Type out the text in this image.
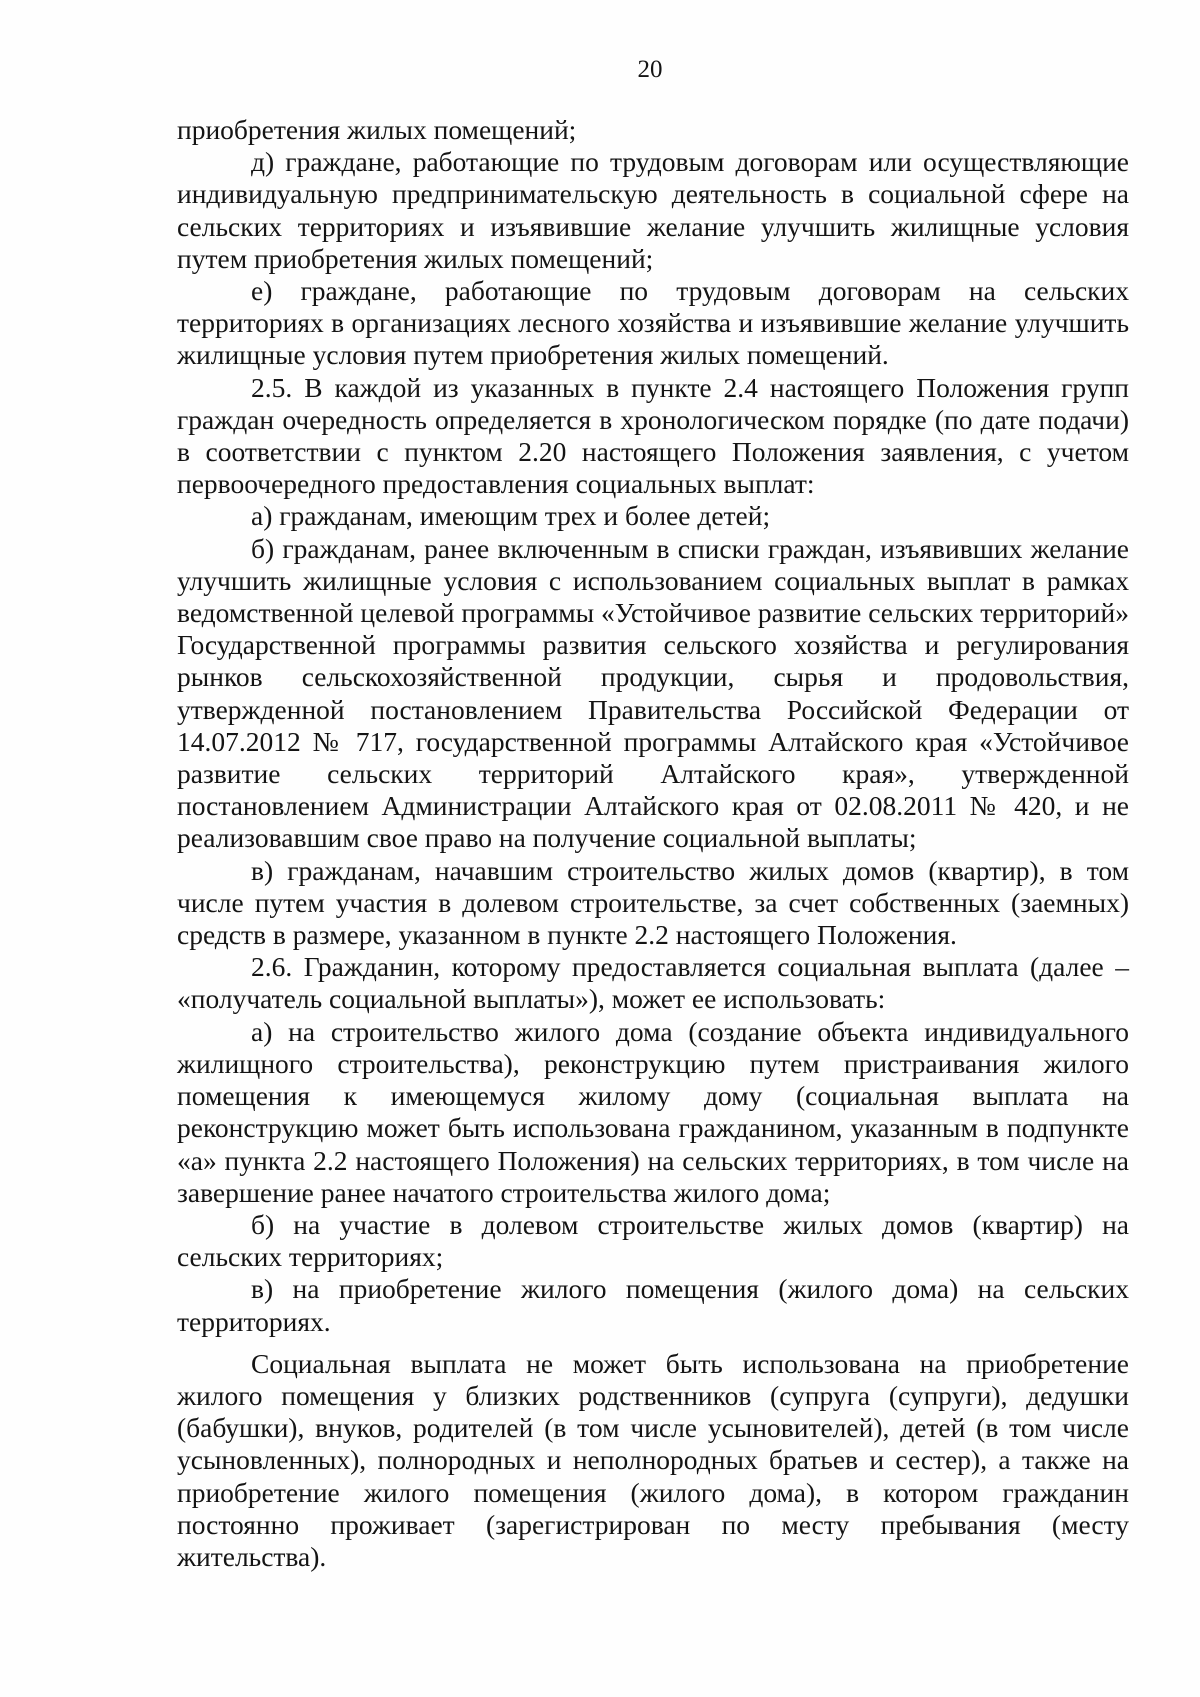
20

приобретения жилых помещений;

д) граждане, работающие по трудовым договорам или осуществляющие индивидуальную предпринимательскую деятельность в социальной сфере на сельских территориях и изъявившие желание улучшить жилищные условия путем приобретения жилых помещений;

е) граждане, работающие по трудовым договорам на сельских территориях в организациях лесного хозяйства и изъявившие желание улучшить жилищные условия путем приобретения жилых помещений.

2.5. В каждой из указанных в пункте 2.4 настоящего Положения групп граждан очередность определяется в хронологическом порядке (по дате подачи) в соответствии с пунктом 2.20 настоящего Положения заявления, с учетом первоочередного предоставления социальных выплат:

а) гражданам, имеющим трех и более детей;

б) гражданам, ранее включенным в списки граждан, изъявивших желание улучшить жилищные условия с использованием социальных выплат в рамках ведомственной целевой программы «Устойчивое развитие сельских территорий» Государственной программы развития сельского хозяйства и регулирования рынков сельскохозяйственной продукции, сырья и продовольствия, утвержденной постановлением Правительства Российской Федерации от 14.07.2012 № 717, государственной программы Алтайского края «Устойчивое развитие сельских территорий Алтайского края», утвержденной постановлением Администрации Алтайского края от 02.08.2011 № 420, и не реализовавшим свое право на получение социальной выплаты;

в) гражданам, начавшим строительство жилых домов (квартир), в том числе путем участия в долевом строительстве, за счет собственных (заемных) средств в размере, указанном в пункте 2.2 настоящего Положения.

2.6. Гражданин, которому предоставляется социальная выплата (далее – «получатель социальной выплаты»), может ее использовать:

а) на строительство жилого дома (создание объекта индивидуального жилищного строительства), реконструкцию путем пристраивания жилого помещения к имеющемуся жилому дому (социальная выплата на реконструкцию может быть использована гражданином, указанным в подпункте «а» пункта 2.2 настоящего Положения) на сельских территориях, в том числе на завершение ранее начатого строительства жилого дома;

б) на участие в долевом строительстве жилых домов (квартир) на сельских территориях;

в) на приобретение жилого помещения (жилого дома) на сельских территориях.

Социальная выплата не может быть использована на приобретение жилого помещения у близких родственников (супруга (супруги), дедушки (бабушки), внуков, родителей (в том числе усыновителей), детей (в том числе усыновленных), полнородных и неполнородных братьев и сестер), а также на приобретение жилого помещения (жилого дома), в котором гражданин постоянно проживает (зарегистрирован по месту пребывания (месту жительства).
